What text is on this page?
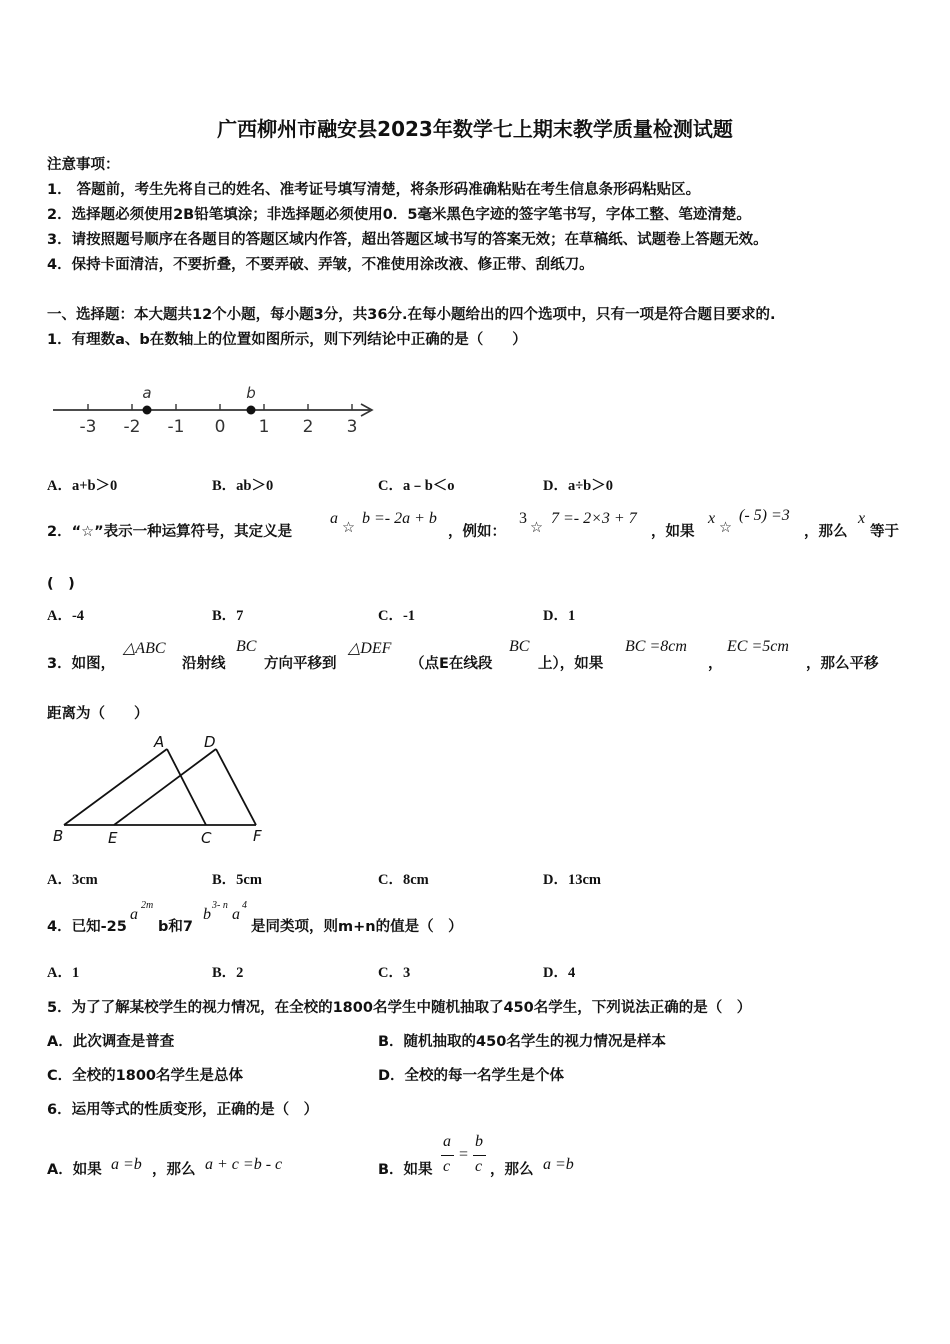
广西柳州市融安县2023年数学七上期末教学质量检测试题
注意事项：
1． 答题前，考生先将自己的姓名、准考证号填写清楚，将条形码准确粘贴在考生信息条形码粘贴区。
2．选择题必须使用2B铅笔填涂；非选择题必须使用0．5毫米黑色字迹的签字笔书写，字体工整、笔迹清楚。
3．请按照题号顺序在各题目的答题区域内作答，超出答题区域书写的答案无效；在草稿纸、试题卷上答题无效。
4．保持卡面清洁，不要折叠，不要弄破、弄皱，不准使用涂改液、修正带、刮纸刀。
一、选择题：本大题共12个小题，每小题3分，共36分.在每小题给出的四个选项中，只有一项是符合题目要求的.
1．有理数a、b在数轴上的位置如图所示，则下列结论中正确的是（　　）
-3 -2 -1 0 1 2 3
a	b
A．a+b＞0	B．ab＞0	C．a﹣b＜o	D．a÷b＞0
2．“☆”表示一种运算符号，其定义是
a
☆
b =- 2a + b
，例如：
3
☆
7 =- 2×3 + 7
，如果
x
☆
(- 5) =3
，那么
x
等于
(　)
A．-4	B．7	C．-1	D．1
3．如图，
△ABC
沿射线
BC
方向平移到
△DEF
（点E在线段
BC
上），如果
BC =8cm
，
EC =5cm
，那么平移
距离为（　　）
A	D
B	E	C	F
A．3cm	B．5cm	C．8cm	D．13cm
4．已知-25
a
2m
b和7
b
3- n
a
4
是同类项，则m+n的值是（　）
A．1	B．2	C．3	D．4
5．为了了解某校学生的视力情况，在全校的1800名学生中随机抽取了450名学生，下列说法正确的是（　）
A．此次调查是普查	B．随机抽取的450名学生的视力情况是样本
C．全校的1800名学生是总体	D．全校的每一名学生是个体
6．运用等式的性质变形，正确的是（　）
A．如果 a =b ，那么 a + c =b - c	B．如果
a
c
=
b
c ，那么 a =b
